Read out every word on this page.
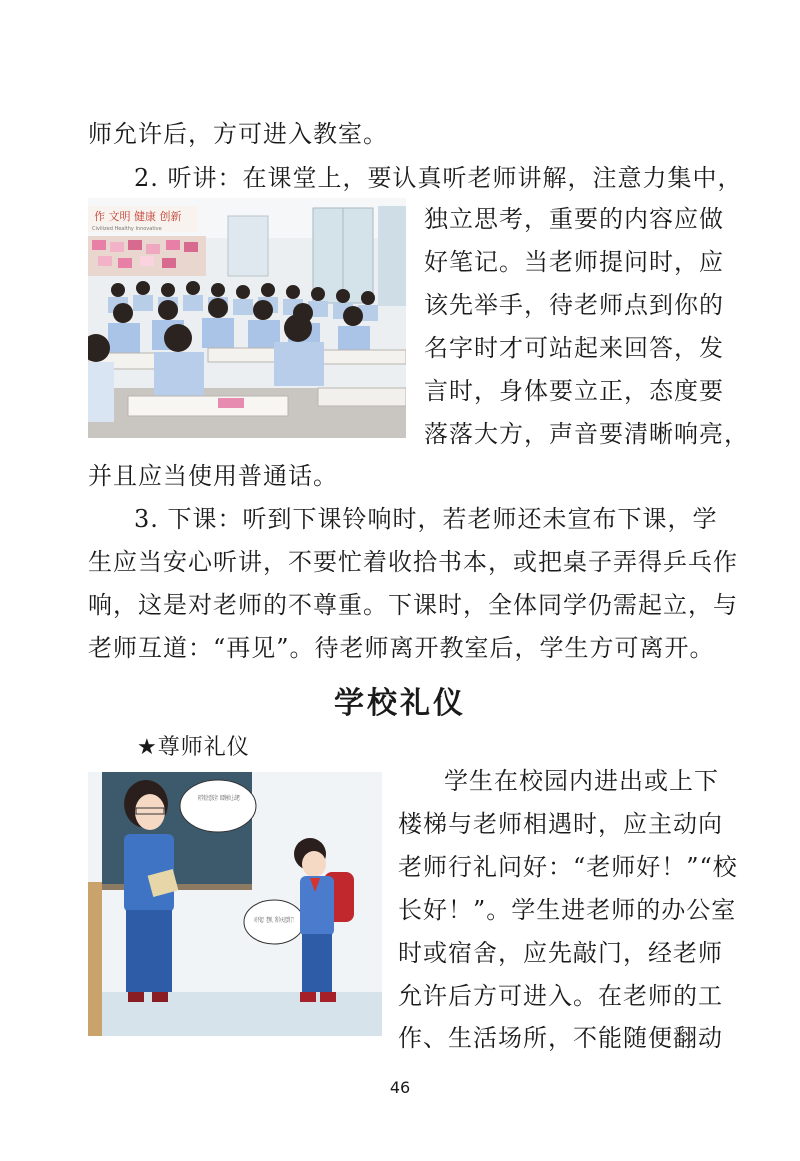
师允许后，方可进入教室。
2. 听讲：在课堂上，要认真听老师讲解，注意力集中，
独立思考，重要的内容应做
好笔记。当老师提问时，应
该先举手，待老师点到你的
名字时才可站起来回答，发
言时，身体要立正，态度要
落落大方，声音要清晰响亮，
并且应当使用普通话。
3. 下课：听到下课铃响时，若老师还未宣布下课，学
生应当安心听讲，不要忙着收拾书本，或把桌子弄得乒乓作
响，这是对老师的不尊重。下课时，全体同学仍需起立，与
老师互道：“再见”。待老师离开教室后，学生方可离开。
作 文明 健康 创新
Civilized Healthy Innovative
学校礼仪
★尊师礼仪
学生在校园内进出或上下
楼梯与老师相遇时，应主动向
老师行礼问好：“老师好！”“校
长好！”。学生进老师的办公室
时或宿舍，应先敲门，经老师
允许后方可进入。在老师的工
作、生活场所，不能随便翻动
46
